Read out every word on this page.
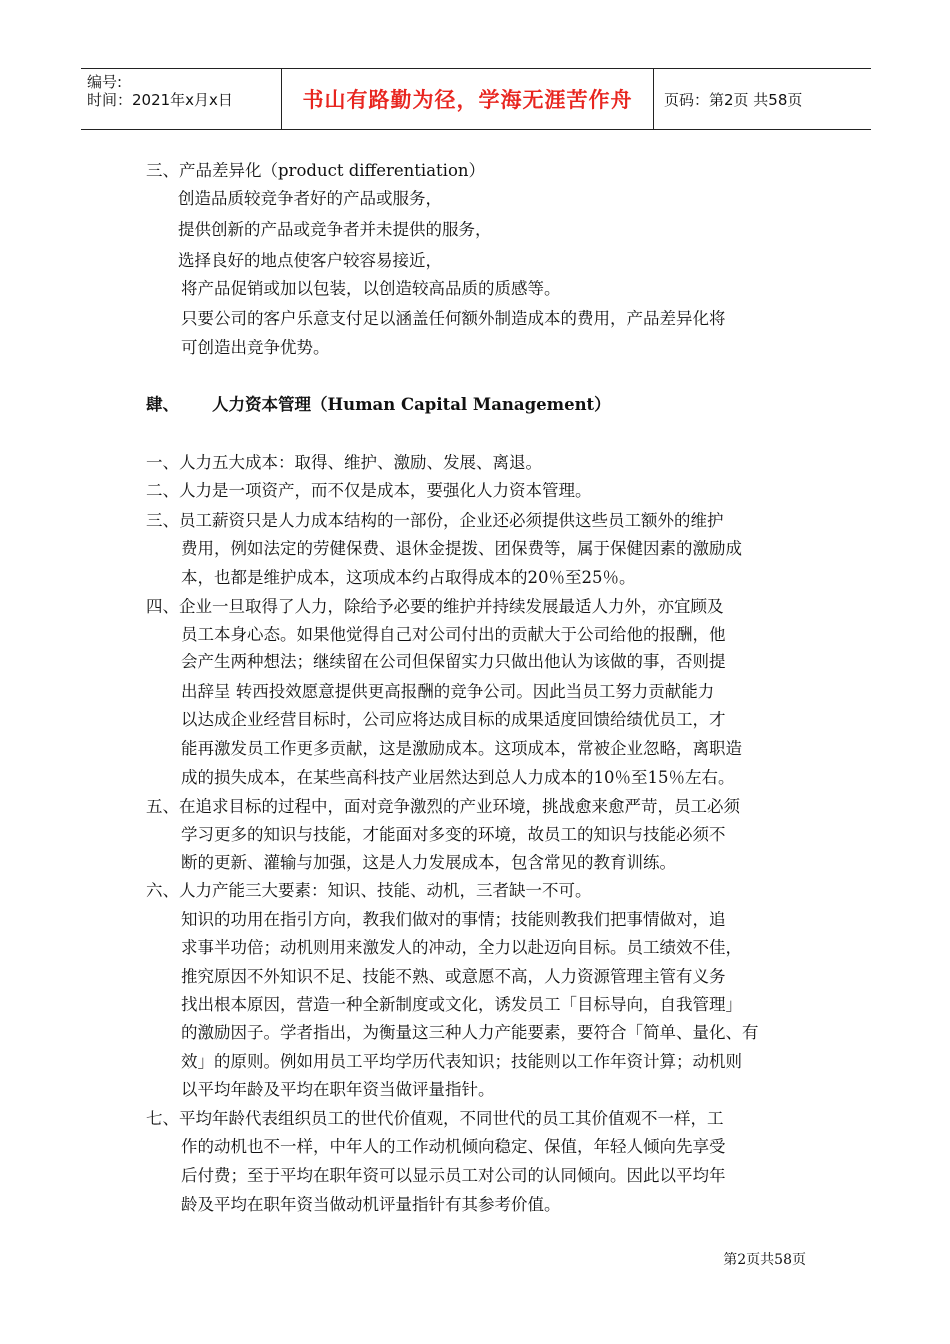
编号:
时间：2021年x月x日	书山有路勤为径，学海无涯苦作舟	页码：第2页 共58页
三、产品差异化（product differentiation）
创造品质较竞争者好的产品或服务，
提供创新的产品或竞争者并未提供的服务，
选择良好的地点使客户较容易接近，
将产品促销或加以包装，以创造较高品质的质感等。
只要公司的客户乐意支付足以涵盖任何额外制造成本的费用，产品差异化将
可创造出竞争优势。
肆、 人力资本管理（Human Capital Management）
一、人力五大成本：取得、维护、激励、发展、离退。
二、人力是一项资产，而不仅是成本，要强化人力资本管理。
三、员工薪资只是人力成本结构的一部份，企业还必须提供这些员工额外的维护
费用，例如法定的劳健保费、退休金提拨、团保费等，属于保健因素的激励成
本，也都是维护成本，这项成本约占取得成本的20％至25％。
四、企业一旦取得了人力，除给予必要的维护并持续发展最适人力外，亦宜顾及
员工本身心态。如果他觉得自己对公司付出的贡献大于公司给他的报酬，他
会产生两种想法；继续留在公司但保留实力只做出他认为该做的事，否则提
出辞呈 转西投效愿意提供更高报酬的竞争公司。因此当员工努力贡献能力
以达成企业经营目标时，公司应将达成目标的成果适度回馈给绩优员工，才
能再激发员工作更多贡献，这是激励成本。这项成本，常被企业忽略，离职造
成的损失成本，在某些高科技产业居然达到总人力成本的10％至15％左右。
五、在追求目标的过程中，面对竞争激烈的产业环境，挑战愈来愈严苛，员工必须
学习更多的知识与技能，才能面对多变的环境，故员工的知识与技能必须不
断的更新、灌输与加强，这是人力发展成本，包含常见的教育训练。
六、人力产能三大要素：知识、技能、动机，三者缺一不可。
知识的功用在指引方向，教我们做对的事情；技能则教我们把事情做对，追
求事半功倍；动机则用来激发人的冲动，全力以赴迈向目标。员工绩效不佳，
推究原因不外知识不足、技能不熟、或意愿不高，人力资源管理主管有义务
找出根本原因，营造一种全新制度或文化，诱发员工「目标导向，自我管理」
的激励因子。学者指出，为衡量这三种人力产能要素，要符合「简单、量化、有
效」的原则。例如用员工平均学历代表知识；技能则以工作年资计算；动机则
以平均年龄及平均在职年资当做评量指针。
七、平均年龄代表组织员工的世代价值观，不同世代的员工其价值观不一样，工
作的动机也不一样，中年人的工作动机倾向稳定、保值，年轻人倾向先享受
后付费；至于平均在职年资可以显示员工对公司的认同倾向。因此以平均年
龄及平均在职年资当做动机评量指针有其参考价值。
第2页共58页
